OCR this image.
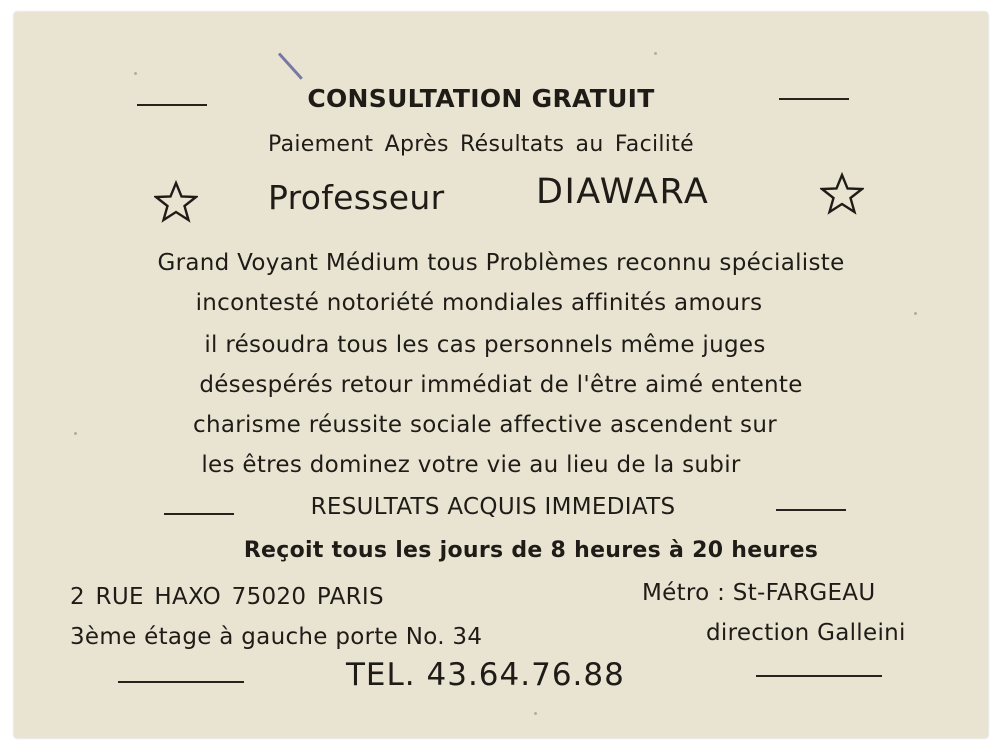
CONSULTATION GRATUIT
Paiement Après Résultats au Facilité
Professeur	DIAWARA
Grand Voyant Médium tous Problèmes reconnu spécialiste
incontesté notoriété mondiales affinités amours
il résoudra tous les cas personnels même juges
désespérés retour immédiat de l'être aimé entente
charisme réussite sociale affective ascendent sur
les êtres dominez votre vie au lieu de la subir
RESULTATS ACQUIS IMMEDIATS
Reçoit tous les jours de 8 heures à 20 heures
2 RUE HAXO 75020 PARIS
3ème étage à gauche porte No. 34
Métro : St-FARGEAU
direction Galleini
TEL. 43.64.76.88
